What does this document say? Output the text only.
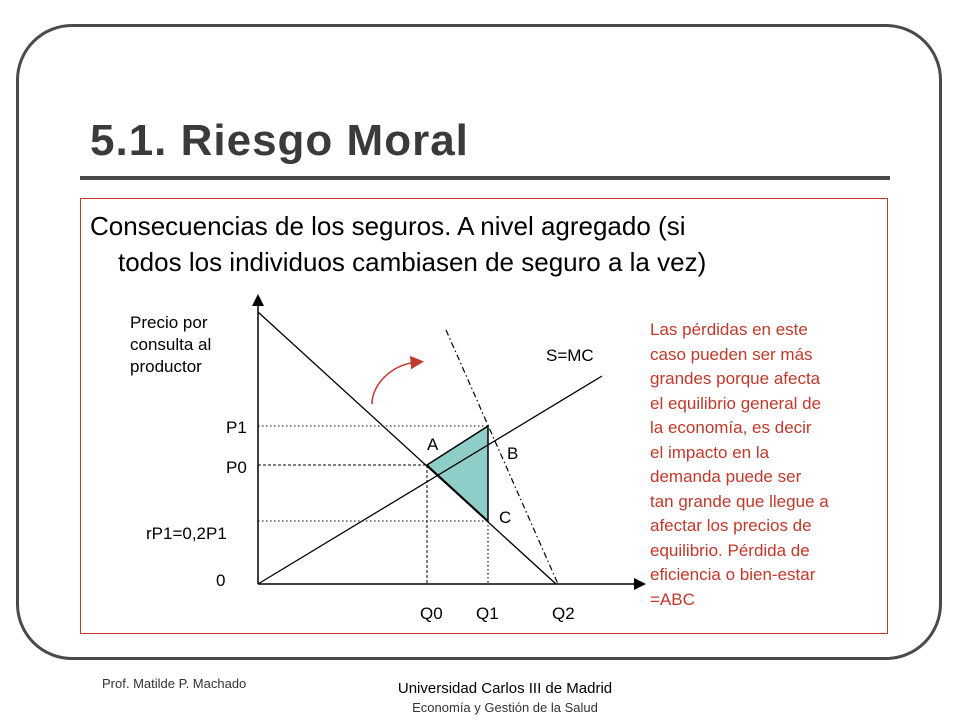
5.1. Riesgo Moral
Consecuencias de los seguros. A nivel agregado (si
todos los individuos cambiasen de seguro a la vez)
Precio por consulta al productor
P1
P0
rP1=0,2P1
0
Q0 Q1	Q2
S=MC
A	B
C
Las pérdidas en este
caso pueden ser más
grandes porque afecta
el equilibrio general de
la economía, es decir
el impacto en la
demanda puede ser
tan grande que llegue a
afectar los precios de
equilibrio. Pérdida de
eficiencia o bien-estar
=ABC
Prof. Matilde P. Machado	Universidad Carlos III de Madrid
Economía y Gestión de la Salud
